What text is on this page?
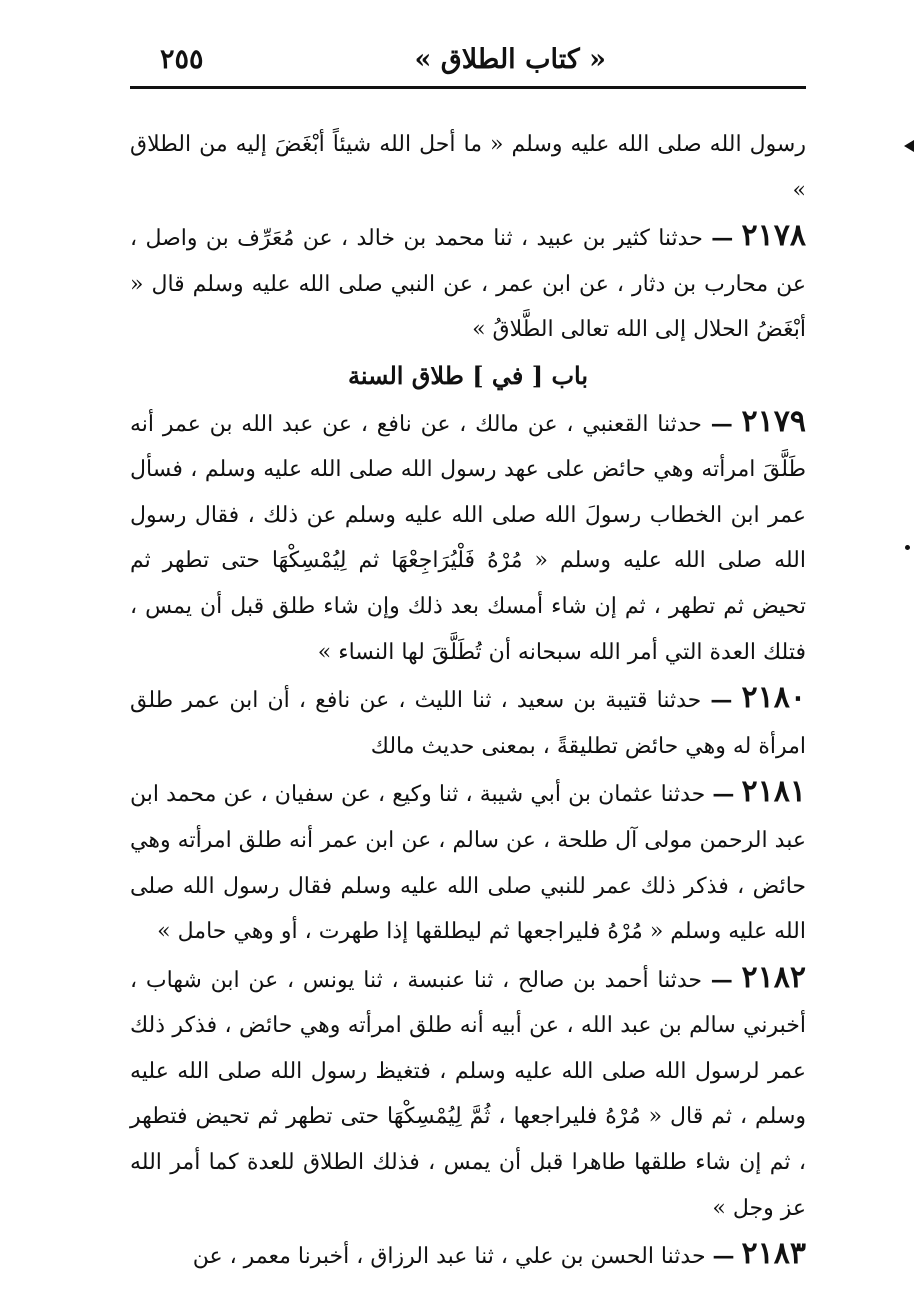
« كتاب الطلاق »
٢٥٥

رسول الله صلى الله عليه وسلم « ما أحل الله شيئاً أبْغَضَ إليه من الطلاق »

٢١٧٨ — حدثنا كثير بن عبيد ، ثنا محمد بن خالد ، عن مُعَرِّف بن واصل ، عن محارب بن دثار ، عن ابن عمر ، عن النبي صلى الله عليه وسلم قال « أبْغَضُ الحلال إلى الله تعالى الطَّلاقُ »

باب [ في ] طلاق السنة

٢١٧٩ — حدثنا القعنبي ، عن مالك ، عن نافع ، عن عبد الله بن عمر أنه طَلَّقَ امرأته وهي حائض على عهد رسول الله صلى الله عليه وسلم ، فسأل عمر ابن الخطاب رسولَ الله صلى الله عليه وسلم عن ذلك ، فقال رسول الله صلى الله عليه وسلم « مُرْهُ فَلْيُرَاجِعْهَا ثم لِيُمْسِكْهَا حتى تطهر ثم تحيض ثم تطهر ، ثم إن شاء أمسك بعد ذلك وإن شاء طلق قبل أن يمس ، فتلك العدة التي أمر الله سبحانه أن تُطَلَّقَ لها النساء »

٢١٨٠ — حدثنا قتيبة بن سعيد ، ثنا الليث ، عن نافع ، أن ابن عمر طلق امرأة له وهي حائض تطليقةً ، بمعنى حديث مالك

٢١٨١ — حدثنا عثمان بن أبي شيبة ، ثنا وكيع ، عن سفيان ، عن محمد ابن عبد الرحمن مولى آل طلحة ، عن سالم ، عن ابن عمر أنه طلق امرأته وهي حائض ، فذكر ذلك عمر للنبي صلى الله عليه وسلم فقال رسول الله صلى الله عليه وسلم « مُرْهُ فليراجعها ثم ليطلقها إذا طهرت ، أو وهي حامل »

٢١٨٢ — حدثنا أحمد بن صالح ، ثنا عنبسة ، ثنا يونس ، عن ابن شهاب ، أخبرني سالم بن عبد الله ، عن أبيه أنه طلق امرأته وهي حائض ، فذكر ذلك عمر لرسول الله صلى الله عليه وسلم ، فتغيظ رسول الله صلى الله عليه وسلم ، ثم قال « مُرْهُ فليراجعها ، ثُمَّ لِيُمْسِكْهَا حتى تطهر ثم تحيض فتطهر ، ثم إن شاء طلقها طاهرا قبل أن يمس ، فذلك الطلاق للعدة كما أمر الله عز وجل »

٢١٨٣ — حدثنا الحسن بن علي ، ثنا عبد الرزاق ، أخبرنا معمر ، عن
